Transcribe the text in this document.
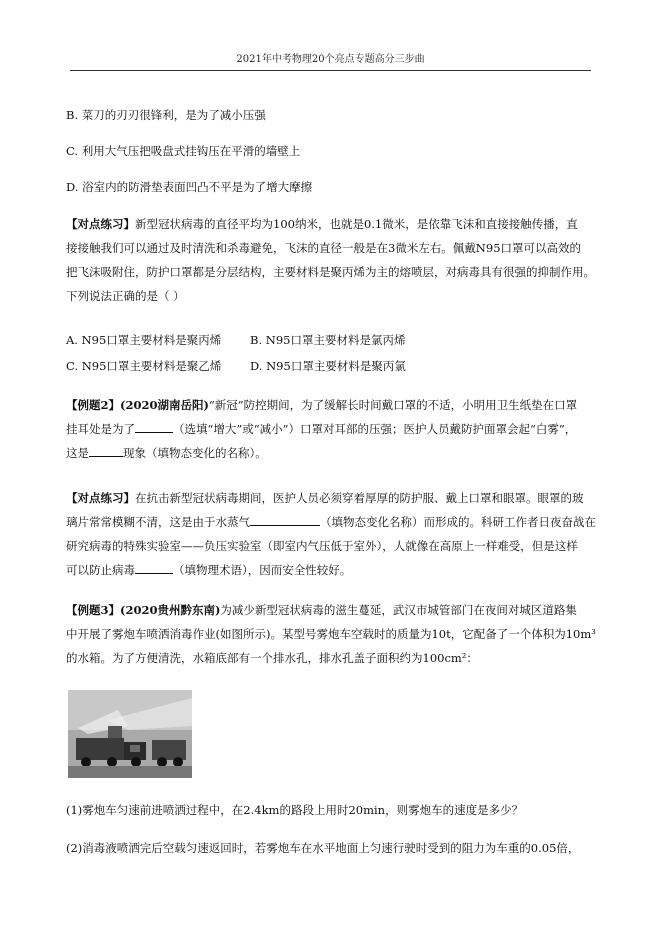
2021年中考物理20个亮点专题高分三步曲
B. 菜刀的刃刃很锋利，是为了减小压强
C. 利用大气压把吸盘式挂钩压在平滑的墙壁上
D. 浴室内的防滑垫表面凹凸不平是为了增大摩擦
【对点练习】新型冠状病毒的直径平均为100纳米，也就是0.1微米，是依靠飞沫和直接接触传播，直
接接触我们可以通过及时清洗和杀毒避免，飞沫的直径一般是在3微米左右。佩戴N95口罩可以高效的
把飞沫吸附住，防护口罩都是分层结构，主要材料是聚丙烯为主的熔喷层，对病毒具有很强的抑制作用。
下列说法正确的是（ ）
A. N95口罩主要材料是聚丙烯 B. N95口罩主要材料是氯丙烯
C. N95口罩主要材料是聚乙烯 D. N95口罩主要材料是聚丙氯
【例题2】(2020湖南岳阳)“新冠”防控期间，为了缓解长时间戴口罩的不适，小明用卫生纸垫在口罩
挂耳处是为了	（选填“增大”或“减小”）口罩对耳部的压强；医护人员戴防护面罩会起“白雾”，
这是	现象（填物态变化的名称）。
【对点练习】在抗击新型冠状病毒期间，医护人员必须穿着厚厚的防护服、戴上口罩和眼罩。眼罩的玻
璃片常常模糊不清，这是由于水蒸气	（填物态变化名称）而形成的。科研工作者日夜奋战在
研究病毒的特殊实验室——负压实验室（即室内气压低于室外），人就像在高原上一样难受，但是这样
可以防止病毒	（填物理术语），因而安全性较好。
【例题3】(2020贵州黔东南)为减少新型冠状病毒的滋生蔓延，武汉市城管部门在夜间对城区道路集
中开展了雾炮车喷洒消毒作业(如图所示)。某型号雾炮车空载时的质量为10t，它配备了一个体积为10m³
的水箱。为了方便清洗，水箱底部有一个排水孔，排水孔盖子面积约为100cm²：
(1)雾炮车匀速前进喷洒过程中，在2.4km的路段上用时20min，则雾炮车的速度是多少？
(2)消毒液喷洒完后空载匀速返回时，若雾炮车在水平地面上匀速行驶时受到的阻力为车重的0.05倍，
